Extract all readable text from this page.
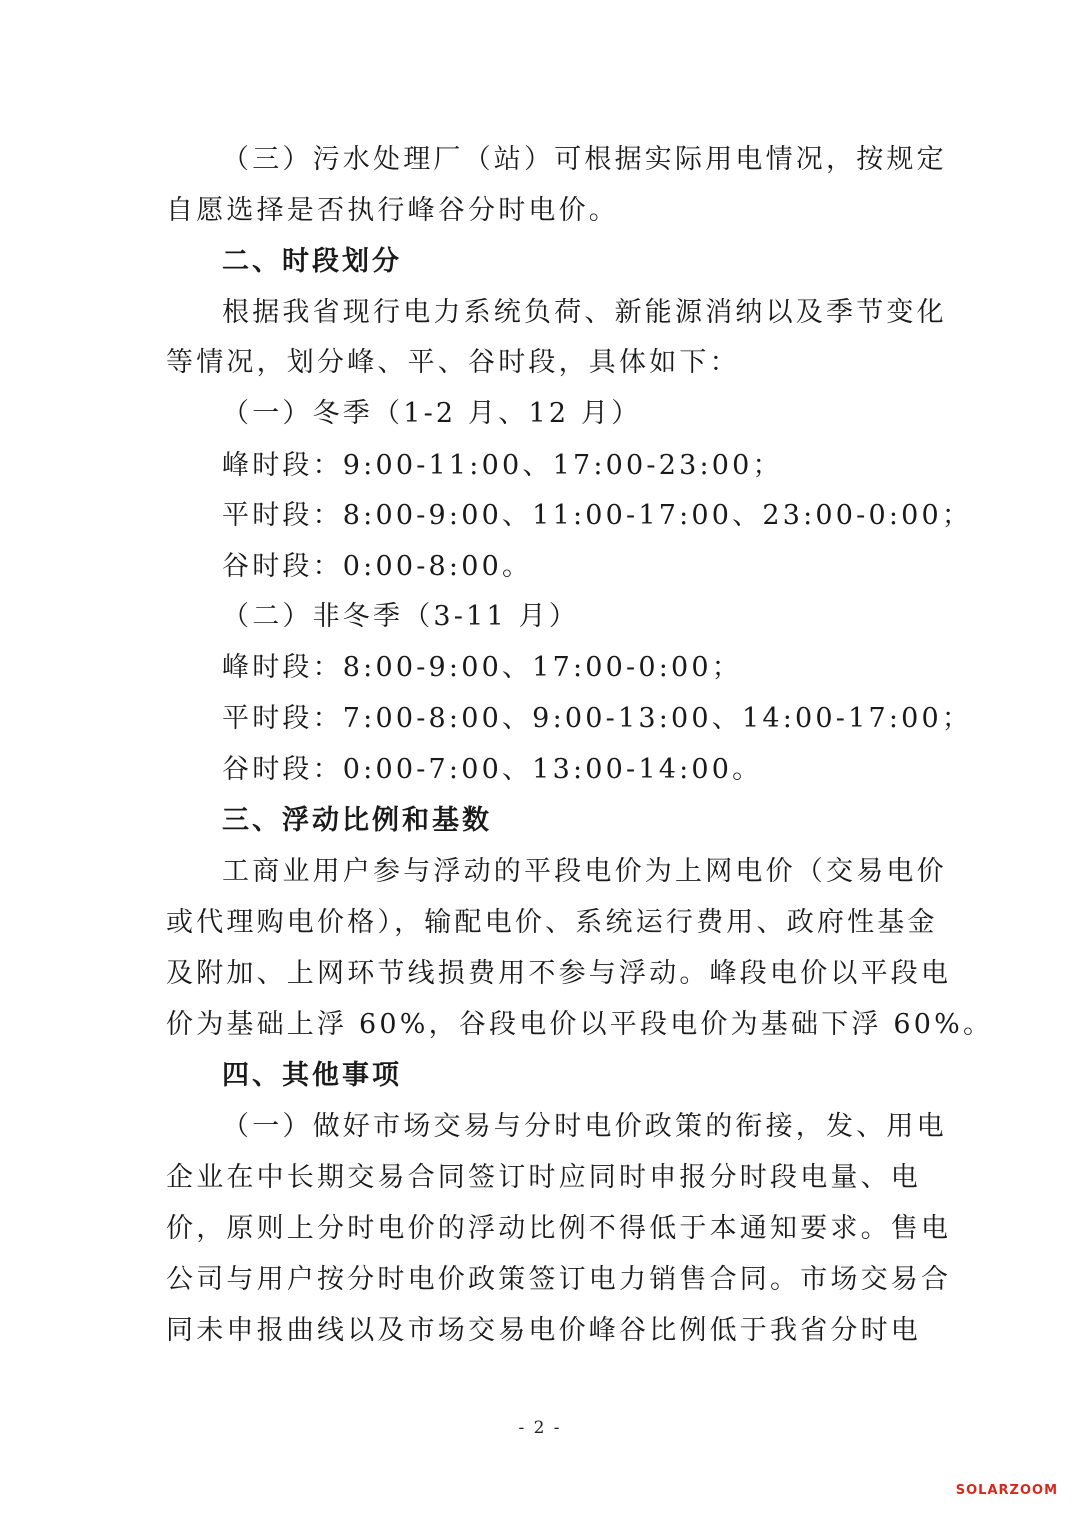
（三）污水处理厂（站）可根据实际用电情况，按规定
自愿选择是否执行峰谷分时电价。
二、时段划分
根据我省现行电力系统负荷、新能源消纳以及季节变化
等情况，划分峰、平、谷时段，具体如下：
（一）冬季（1-2 月、12 月）
峰时段：9:00-11:00、17:00-23:00；
平时段：8:00-9:00、11:00-17:00、23:00-0:00；
谷时段：0:00-8:00。
（二）非冬季（3-11 月）
峰时段：8:00-9:00、17:00-0:00；
平时段：7:00-8:00、9:00-13:00、14:00-17:00；
谷时段：0:00-7:00、13:00-14:00。
三、浮动比例和基数
工商业用户参与浮动的平段电价为上网电价（交易电价
或代理购电价格），输配电价、系统运行费用、政府性基金
及附加、上网环节线损费用不参与浮动。峰段电价以平段电
价为基础上浮 60%，谷段电价以平段电价为基础下浮 60%。
四、其他事项
（一）做好市场交易与分时电价政策的衔接，发、用电
企业在中长期交易合同签订时应同时申报分时段电量、电
价，原则上分时电价的浮动比例不得低于本通知要求。售电
公司与用户按分时电价政策签订电力销售合同。市场交易合
同未申报曲线以及市场交易电价峰谷比例低于我省分时电
- 2 -
SOLARZOOM
